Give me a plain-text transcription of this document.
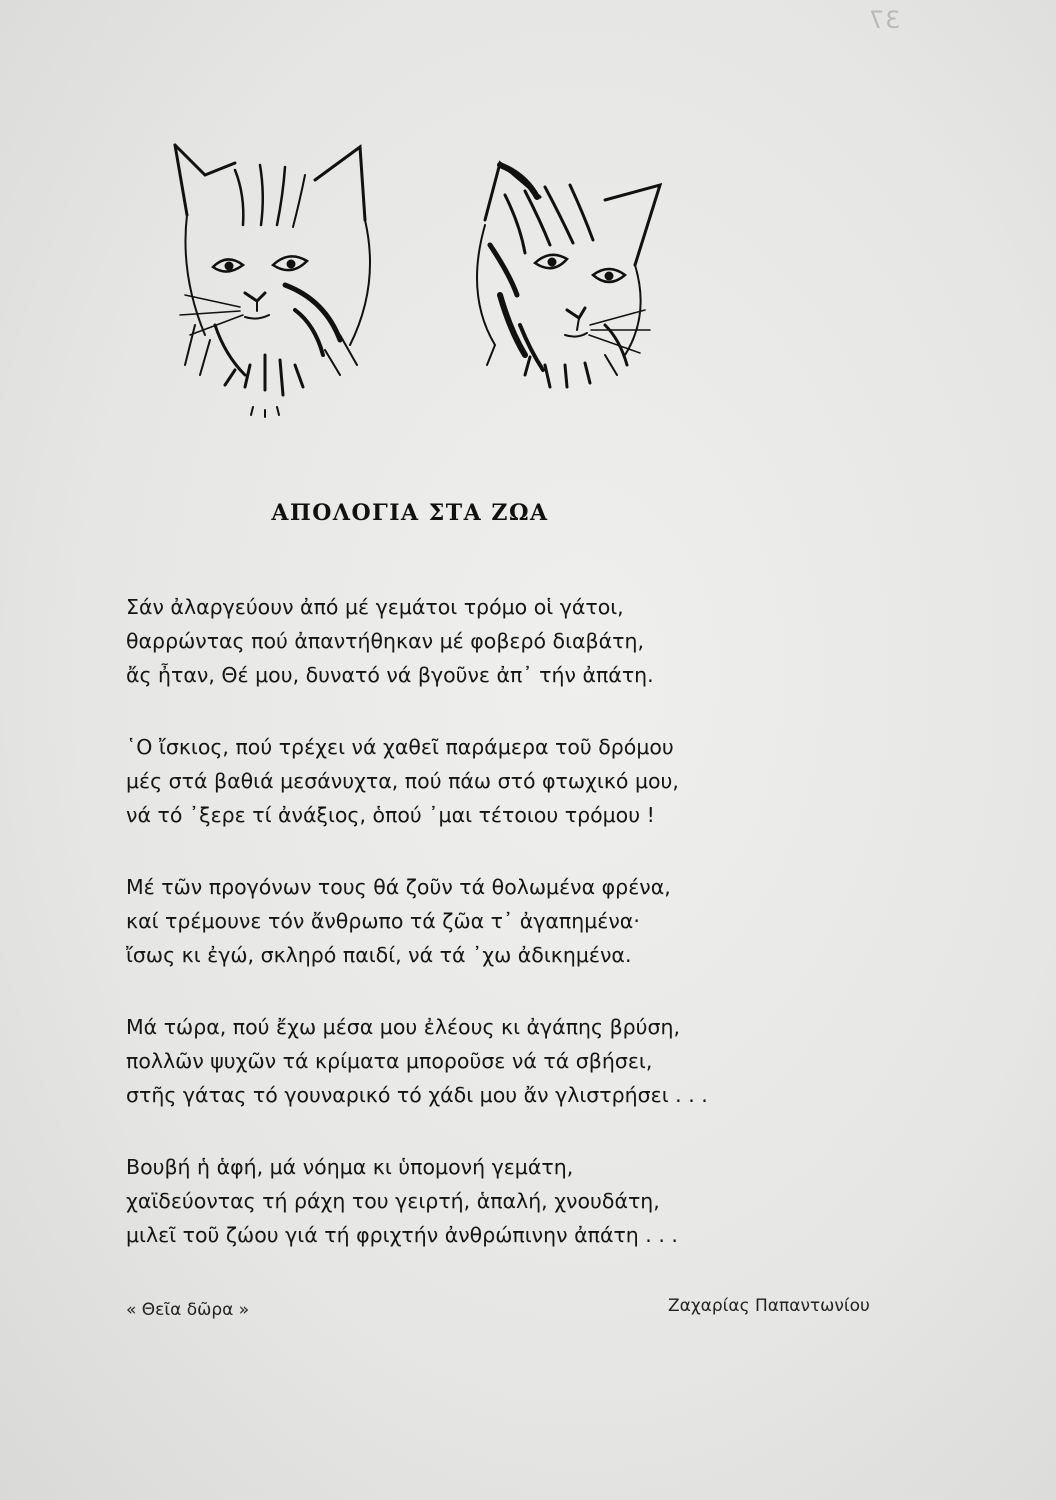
37
ΑΠΟΛΟΓΙΑ ΣΤΑ ΖΩΑ
Σάν ἀλαργεύουν ἀπό μέ γεμάτοι τρόμο οἱ γάτοι,
θαρρώντας πού ἀπαντήθηκαν μέ φοβερό διαβάτη,
ἄς ἦταν, Θέ μου, δυνατό νά βγοῦνε ἀπ᾽ τήν ἀπάτη.
῾Ο ἴσκιος, πού τρέχει νά χαθεῖ παράμερα τοῦ δρόμου
μές στά βαθιά μεσάνυχτα, πού πάω στό φτωχικό μου,
νά τό ᾽ξερε τί ἀνάξιος, ὁπού ᾽μαι τέτοιου τρόμου !
Μέ τῶν προγόνων τους θά ζοῦν τά θολωμένα φρένα,
καί τρέμουνε τόν ἄνθρωπο τά ζῶα τ᾽ ἀγαπημένα·
ἴσως κι ἐγώ, σκληρό παιδί, νά τά ᾽χω ἀδικημένα.
Μά τώρα, πού ἔχω μέσα μου ἐλέους κι ἀγάπης βρύση,
πολλῶν ψυχῶν τά κρίματα μποροῦσε νά τά σβήσει,
στῆς γάτας τό γουναρικό τό χάδι μου ἄν γλιστρήσει . . .
Βουβή ἡ ἁφή, μά νόημα κι ὑπομονή γεμάτη,
χαϊδεύοντας τή ράχη του γειρτή, ἁπαλή, χνουδάτη,
μιλεῖ τοῦ ζώου γιά τή φριχτήν ἀνθρώπινην ἀπάτη . . .
« Θεῖα δῶρα »	Ζαχαρίας Παπαντωνίου
